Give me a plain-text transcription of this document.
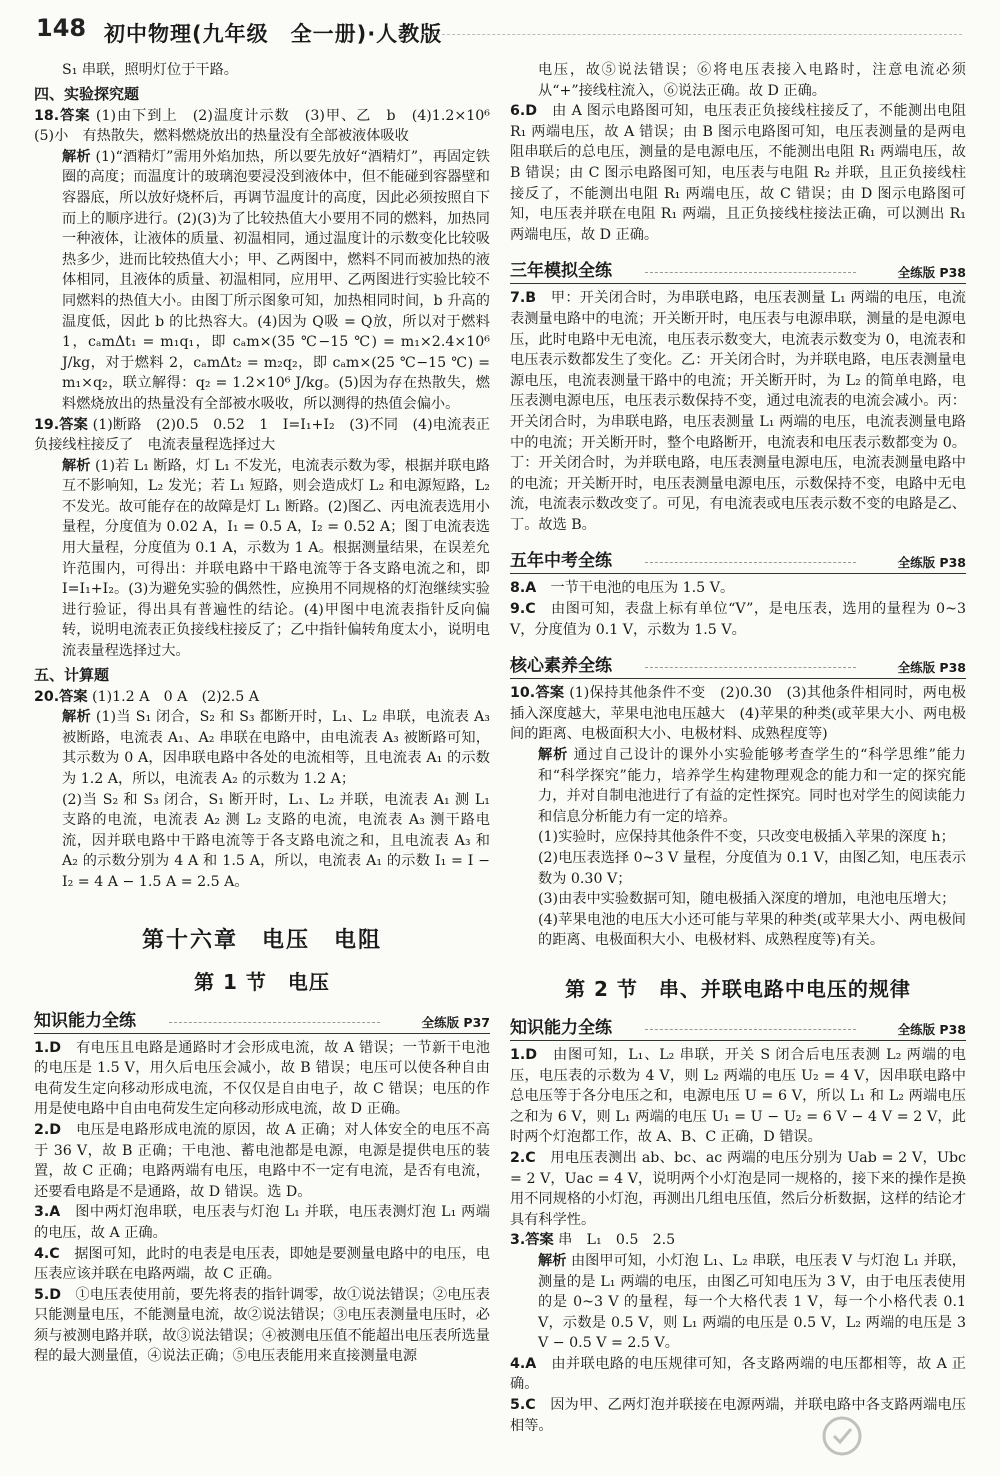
148 初中物理(九年级　全一册)·人教版

S₁ 串联，照明灯位于干路。

四、实验探究题

18.答案 (1)由下到上　(2)温度计示数　(3)甲、乙　b　(4)1.2×10⁶　(5)小　有热散失，燃料燃烧放出的热量没有全部被液体吸收

解析 (1)“酒精灯”需用外焰加热，所以要先放好“酒精灯”，再固定铁圈的高度；而温度计的玻璃泡要浸没到液体中，但不能碰到容器壁和容器底，所以放好烧杯后，再调节温度计的高度，因此必须按照自下而上的顺序进行。(2)(3)为了比较热值大小要用不同的燃料，加热同一种液体，让液体的质量、初温相同，通过温度计的示数变化比较吸热多少，进而比较热值大小；甲、乙两图中，燃料不同而被加热的液体相同，且液体的质量、初温相同，应用甲、乙两图进行实验比较不同燃料的热值大小。由图丁所示图象可知，加热相同时间，b 升高的温度低，因此 b 的比热容大。(4)因为 Q吸 = Q放，所以对于燃料 1，cₐmΔt₁ = m₁q₁，即 cₐm×(35 ℃−15 ℃) = m₁×2.4×10⁶ J/kg，对于燃料 2，cₐmΔt₂ = m₂q₂，即 cₐm×(25 ℃−15 ℃) = m₁×q₂，联立解得：q₂ = 1.2×10⁶ J/kg。(5)因为存在热散失，燃料燃烧放出的热量没有全部被水吸收，所以测得的热值会偏小。

19.答案 (1)断路　(2)0.5　0.52　1　I=I₁+I₂　(3)不同　(4)电流表正负接线柱接反了　电流表量程选择过大

解析 (1)若 L₁ 断路，灯 L₁ 不发光，电流表示数为零，根据并联电路互不影响知，L₂ 发光；若 L₁ 短路，则会造成灯 L₂ 和电源短路，L₂ 不发光。故可能存在的故障是灯 L₁ 断路。(2)图乙、丙电流表选用小量程，分度值为 0.02 A，I₁ = 0.5 A，I₂ = 0.52 A；图丁电流表选用大量程，分度值为 0.1 A，示数为 1 A。根据测量结果，在误差允许范围内，可得出：并联电路中干路电流等于各支路电流之和，即 I=I₁+I₂。(3)为避免实验的偶然性，应换用不同规格的灯泡继续实验进行验证，得出具有普遍性的结论。(4)甲图中电流表指针反向偏转，说明电流表正负接线柱接反了；乙中指针偏转角度太小，说明电流表量程选择过大。

五、计算题

20.答案 (1)1.2 A　0 A　(2)2.5 A

解析 (1)当 S₁ 闭合，S₂ 和 S₃ 都断开时，L₁、L₂ 串联，电流表 A₃ 被断路，电流表 A₁、A₂ 串联在电路中，由电流表 A₃ 被断路可知，其示数为 0 A，因串联电路中各处的电流相等，且电流表 A₁ 的示数为 1.2 A，所以，电流表 A₂ 的示数为 1.2 A；

(2)当 S₂ 和 S₃ 闭合，S₁ 断开时，L₁、L₂ 并联，电流表 A₁ 测 L₁ 支路的电流，电流表 A₂ 测 L₂ 支路的电流，电流表 A₃ 测干路电流，因并联电路中干路电流等于各支路电流之和，且电流表 A₃ 和 A₂ 的示数分别为 4 A 和 1.5 A，所以，电流表 A₁ 的示数 I₁ = I − I₂ = 4 A − 1.5 A = 2.5 A。

第十六章　电压　电阻
第 1 节　电压
知识能力全练	全练版 P37

1.D　 有电压且电路是通路时才会形成电流，故 A 错误；一节新干电池的电压是 1.5 V，用久后电压会减小，故 B 错误；电压可以使各种自由电荷发生定向移动形成电流，不仅仅是自由电子，故 C 错误；电压的作用是使电路中自由电荷发生定向移动形成电流，故 D 正确。

2.D　 电压是电路形成电流的原因，故 A 正确；对人体安全的电压不高于 36 V，故 B 正确；干电池、蓄电池都是电源，电源是提供电压的装置，故 C 正确；电路两端有电压，电路中不一定有电流，是否有电流，还要看电路是不是通路，故 D 错误。选 D。

3.A　 图中两灯泡串联，电压表与灯泡 L₁ 并联，电压表测灯泡 L₁ 两端的电压，故 A 正确。

4.C　 据图可知，此时的电表是电压表，即她是要测量电路中的电压，电压表应该并联在电路两端，故 C 正确。

5.D　 ①电压表使用前，要先将表的指针调零，故①说法错误；②电压表只能测量电压，不能测量电流，故②说法错误；③电压表测量电压时，必须与被测电路并联，故③说法错误；④被测电压值不能超出电压表所选量程的最大测量值，④说法正确；⑤电压表能用来直接测量电源

电压，故⑤说法错误；⑥将电压表接入电路时，注意电流必须从“+”接线柱流入，⑥说法正确。故 D 正确。

6.D　 由 A 图示电路图可知，电压表正负接线柱接反了，不能测出电阻 R₁ 两端电压，故 A 错误；由 B 图示电路图可知，电压表测量的是两电阻串联后的总电压，测量的是电源电压，不能测出电阻 R₁ 两端电压，故 B 错误；由 C 图示电路图可知，电压表与电阻 R₂ 并联，且正负接线柱接反了，不能测出电阻 R₁ 两端电压，故 C 错误；由 D 图示电路图可知，电压表并联在电阻 R₁ 两端，且正负接线柱接法正确，可以测出 R₁ 两端电压，故 D 正确。

三年模拟全练	全练版 P38

7.B　 甲：开关闭合时，为串联电路，电压表测量 L₁ 两端的电压，电流表测量电路中的电流；开关断开时，电压表与电源串联，测量的是电源电压，此时电路中无电流，电压表示数变大，电流表示数变为 0，电流表和电压表示数都发生了变化。乙：开关闭合时，为并联电路，电压表测量电源电压，电流表测量干路中的电流；开关断开时，为 L₂ 的简单电路，电压表测电源电压，电压表示数保持不变，通过电流表的电流会减小。丙：开关闭合时，为串联电路，电压表测量 L₁ 两端的电压，电流表测量电路中的电流；开关断开时，整个电路断开，电流表和电压表示数都变为 0。丁：开关闭合时，为并联电路，电压表测量电源电压，电流表测量电路中的电流；开关断开时，电压表测量电源电压，示数保持不变，电路中无电流，电流表示数改变了。可见，有电流表或电压表示数不变的电路是乙、丁。故选 B。

五年中考全练	全练版 P38

8.A　 一节干电池的电压为 1.5 V。

9.C　 由图可知，表盘上标有单位“V”，是电压表，选用的量程为 0~3 V，分度值为 0.1 V，示数为 1.5 V。

核心素养全练	全练版 P38

10.答案 (1)保持其他条件不变　(2)0.30　(3)其他条件相同时，两电极插入深度越大，苹果电池电压越大　(4)苹果的种类(或苹果大小、两电极间的距离、电极面积大小、电极材料、成熟程度等)

解析 通过自己设计的课外小实验能够考查学生的“科学思维”能力和“科学探究”能力，培养学生构建物理观念的能力和一定的探究能力，并对自制电池进行了有益的定性探究。同时也对学生的阅读能力和信息分析能力有一定的培养。

(1)实验时，应保持其他条件不变，只改变电极插入苹果的深度 h；

(2)电压表选择 0~3 V 量程，分度值为 0.1 V，由图乙知，电压表示数为 0.30 V；

(3)由表中实验数据可知，随电极插入深度的增加，电池电压增大；

(4)苹果电池的电压大小还可能与苹果的种类(或苹果大小、两电极间的距离、电极面积大小、电极材料、成熟程度等)有关。

第 2 节　串、并联电路中电压的规律
知识能力全练	全练版 P38

1.D　 由图可知，L₁、L₂ 串联，开关 S 闭合后电压表测 L₂ 两端的电压，电压表的示数为 4 V，则 L₂ 两端的电压 U₂ = 4 V，因串联电路中总电压等于各分电压之和，电源电压 U = 6 V，所以 L₁ 和 L₂ 两端电压之和为 6 V，则 L₁ 两端的电压 U₁ = U − U₂ = 6 V − 4 V = 2 V，此时两个灯泡都工作，故 A、B、C 正确，D 错误。

2.C　 用电压表测出 ab、bc、ac 两端的电压分别为 Uab = 2 V，Ubc = 2 V，Uac = 4 V，说明两个小灯泡是同一规格的，接下来的操作是换用不同规格的小灯泡，再测出几组电压值，然后分析数据，这样的结论才具有科学性。

3.答案 串　L₁　0.5　2.5

解析 由图甲可知，小灯泡 L₁、L₂ 串联，电压表 V 与灯泡 L₁ 并联，测量的是 L₁ 两端的电压，由图乙可知电压为 3 V，由于电压表使用的是 0~3 V 的量程，每一个大格代表 1 V，每一个小格代表 0.1 V，示数是 0.5 V，则 L₁ 两端的电压是 0.5 V，L₂ 两端的电压是 3 V − 0.5 V = 2.5 V。

4.A　 由并联电路的电压规律可知，各支路两端的电压都相等，故 A 正确。

5.C　 因为甲、乙两灯泡并联接在电源两端，并联电路中各支路两端电压相等。
